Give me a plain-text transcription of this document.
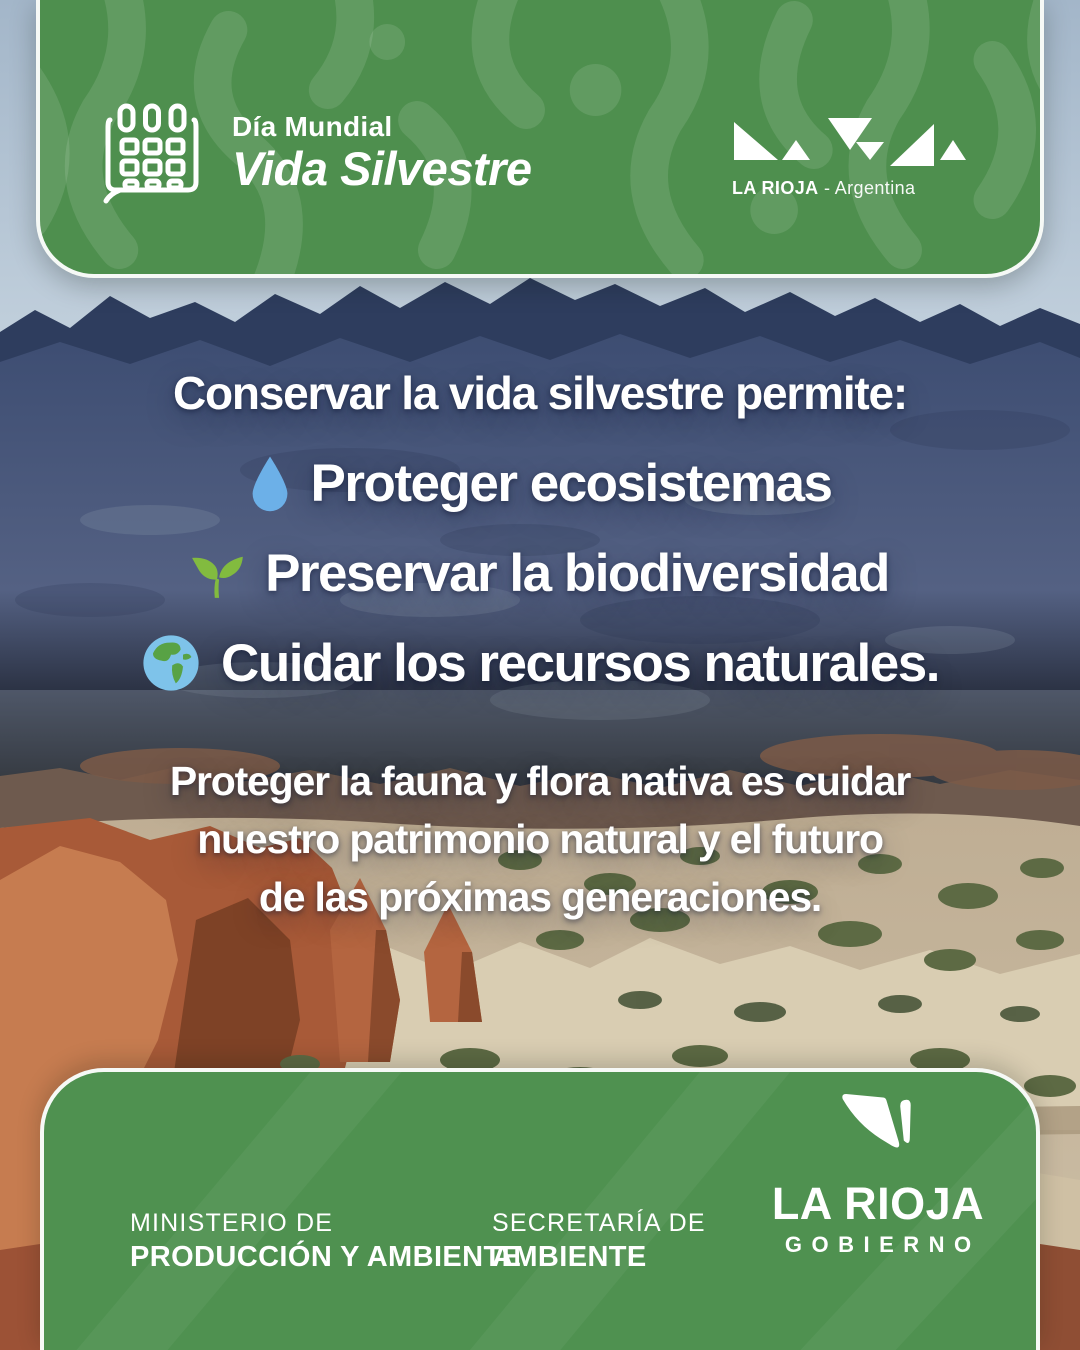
Día Mundial
Vida Silvestre	LA RIOJA - Argentina
Conservar la vida silvestre permite:
Proteger ecosistemas
Preservar la biodiversidad
Cuidar los recursos naturales.
Proteger la fauna y flora nativa es cuidar
nuestro patrimonio natural y el futuro
de las próximas generaciones.
MINISTERIO DE
PRODUCCIÓN Y AMBIENTE
SECRETARÍA DE
AMBIENTE
LA RIOJA
GOBIERNO
